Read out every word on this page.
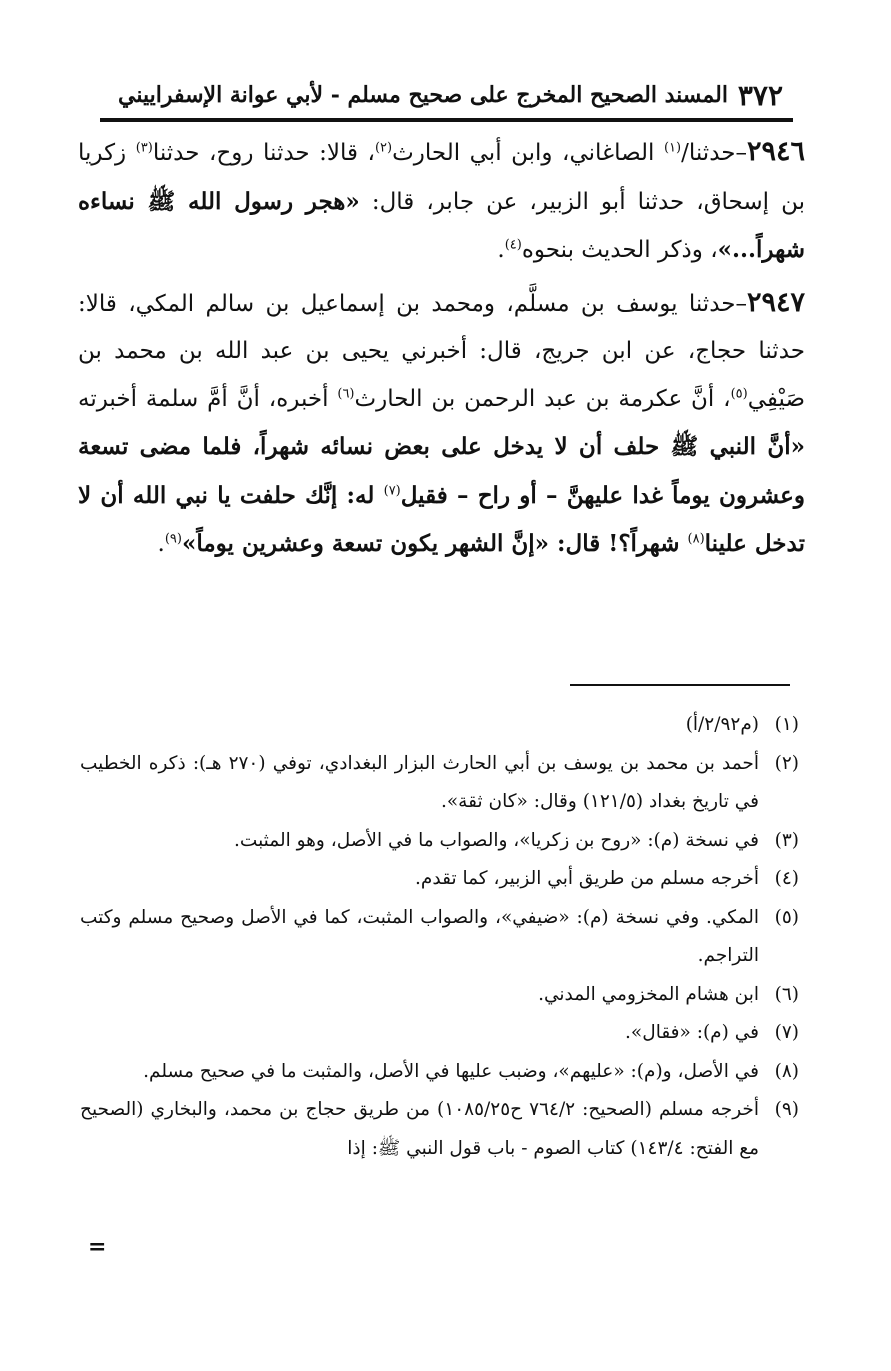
٣٧٢
المسند الصحيح المخرج على صحيح مسلم - لأبي عوانة الإسفراييني

٢٩٤٦–حدثنا/$^{(١)}$ الصاغاني، وابن أبي الحارث$^{(٢)}$، قالا: حدثنا روح، حدثنا$^{(٣)}$ زكريا بن إسحاق، حدثنا أبو الزبير، عن جابر، قال: «هجر رسول الله ﷺ نساءه شهراً...»، وذكر الحديث بنحوه$^{(٤)}$.

٢٩٤٧–حدثنا يوسف بن مسلَّم، ومحمد بن إسماعيل بن سالم المكي، قالا: حدثنا حجاج، عن ابن جريج، قال: أخبرني يحيى بن عبد الله بن محمد بن صَيْفِي$^{(٥)}$، أنَّ عكرمة بن عبد الرحمن بن الحارث$^{(٦)}$ أخبره، أنَّ أمَّ سلمة أخبرته «أنَّ النبي ﷺ حلف أن لا يدخل على بعض نسائه شهراً، فلما مضى تسعة وعشرون يوماً غدا عليهنَّ – أو راح – فقيل$^{(٧)}$ له: إنَّك حلفت يا نبي الله أن لا تدخل علينا$^{(٨)}$ شهراً؟! قال: «إنَّ الشهر يكون تسعة وعشرين يوماً»$^{(٩)}$.

(١)(م٢/٩٢/أ)

(٢)أحمد بن محمد بن يوسف بن أبي الحارث البزار البغدادي، توفي (٢٧٠ هـ): ذكره الخطيب في تاريخ بغداد (١٢١/٥) وقال: «كان ثقة».

(٣)في نسخة (م): «روح بن زكريا»، والصواب ما في الأصل، وهو المثبت.

(٤)أخرجه مسلم من طريق أبي الزبير، كما تقدم.

(٥)المكي. وفي نسخة (م): «ضيفي»، والصواب المثبت، كما في الأصل وصحيح مسلم وكتب التراجم.

(٦)ابن هشام المخزومي المدني.

(٧)في (م): «فقال».

(٨)في الأصل، و(م): «عليهم»، وضبب عليها في الأصل، والمثبت ما في صحيح مسلم.

(٩)أخرجه مسلم (الصحيح: ٧٦٤/٢ ح١٠٨٥/٢٥) من طريق حجاج بن محمد، والبخاري (الصحيح مع الفتح: ١٤٣/٤) كتاب الصوم - باب قول النبي ﷺ: إذا

=
